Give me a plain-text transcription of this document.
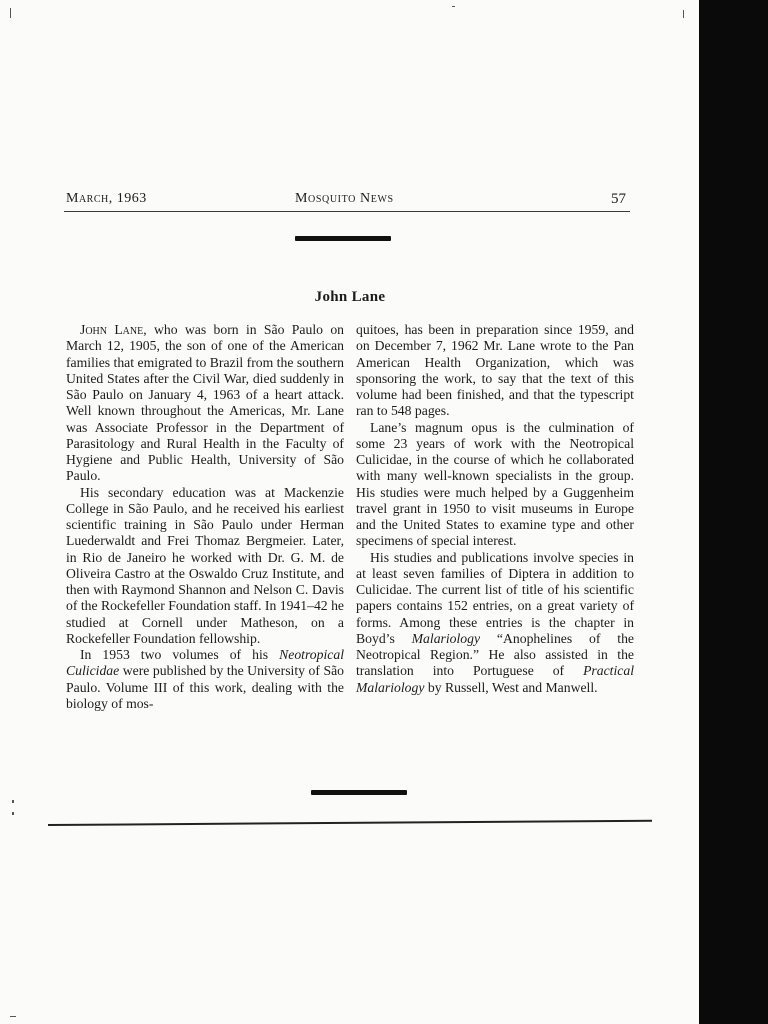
March, 1963	Mosquito News	57
John Lane

John Lane, who was born in São Paulo on March 12, 1905, the son of one of the American families that emigrated to Brazil from the southern United States after the Civil War, died suddenly in São Paulo on January 4, 1963 of a heart attack. Well known throughout the Americas, Mr. Lane was Associate Professor in the Department of Parasitology and Rural Health in the Faculty of Hygiene and Public Health, University of São Paulo.

His secondary education was at Mackenzie College in São Paulo, and he received his earliest scientific training in São Paulo under Herman Luederwaldt and Frei Thomaz Bergmeier. Later, in Rio de Janeiro he worked with Dr. G. M. de Oliveira Castro at the Oswaldo Cruz Institute, and then with Raymond Shannon and Nelson C. Davis of the Rockefeller Foundation staff. In 1941–42 he studied at Cornell under Matheson, on a Rockefeller Foundation fellowship.

In 1953 two volumes of his Neotropical Culicidae were published by the University of São Paulo. Volume III of this work, dealing with the biology of mos-

quitoes, has been in preparation since 1959, and on December 7, 1962 Mr. Lane wrote to the Pan American Health Organization, which was sponsoring the work, to say that the text of this volume had been finished, and that the typescript ran to 548 pages.

Lane’s magnum opus is the culmination of some 23 years of work with the Neotropical Culicidae, in the course of which he collaborated with many well-known specialists in the group. His studies were much helped by a Guggenheim travel grant in 1950 to visit museums in Europe and the United States to examine type and other specimens of special interest.

His studies and publications involve species in at least seven families of Diptera in addition to Culicidae. The current list of title of his scientific papers contains 152 entries, on a great variety of forms. Among these entries is the chapter in Boyd’s Malariology “Anophelines of the Neotropical Region.” He also assisted in the translation into Portuguese of Practical Malariology by Russell, West and Manwell.
